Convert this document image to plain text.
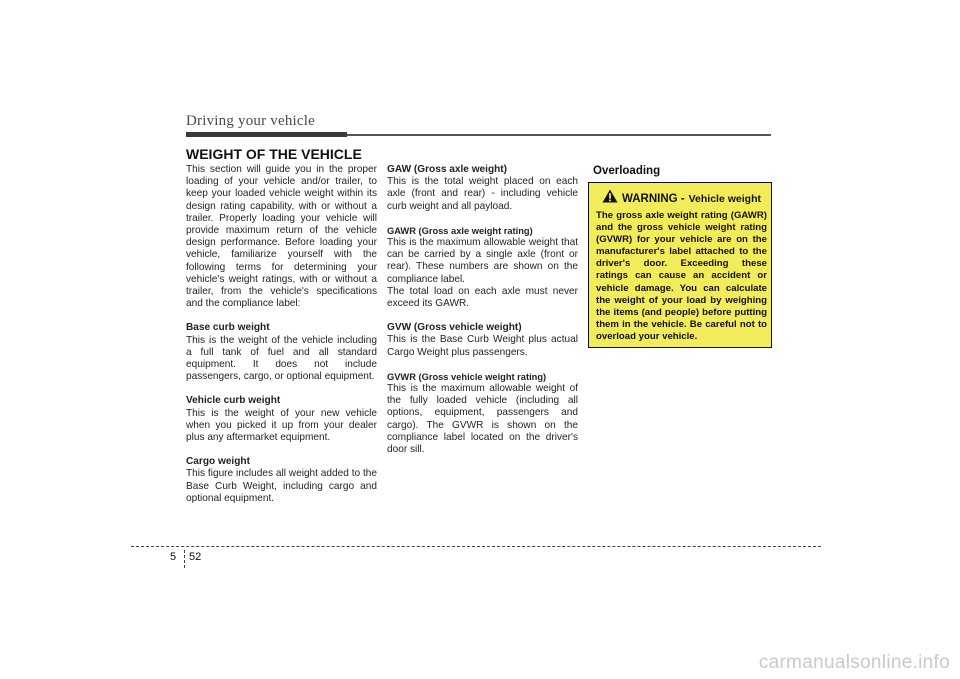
Driving your vehicle
WEIGHT OF THE VEHICLE

This section will guide you in the proper loading of your vehicle and/or trailer, to keep your loaded vehicle weight within its design rating capability, with or without a trailer. Properly loading your vehicle will provide maximum return of the vehicle design performance. Before loading your vehicle, familiarize yourself with the following terms for determining your vehicle's weight ratings, with or without a trailer, from the vehicle's specifications and the compliance label:

Base curb weight
This is the weight of the vehicle including a full tank of fuel and all standard equipment. It does not include passengers, cargo, or optional equipment.

Vehicle curb weight
This is the weight of your new vehicle when you picked it up from your dealer plus any aftermarket equipment.

Cargo weight
This figure includes all weight added to the Base Curb Weight, including cargo and optional equipment.

GAW (Gross axle weight)
This is the total weight placed on each axle (front and rear) - including vehicle curb weight and all payload.

GAWR (Gross axle weight rating)
This is the maximum allowable weight that can be carried by a single axle (front or rear). These numbers are shown on the compliance label.
The total load on each axle must never exceed its GAWR.

GVW (Gross vehicle weight)
This is the Base Curb Weight plus actual Cargo Weight plus passengers.

GVWR (Gross vehicle weight rating)
This is the maximum allowable weight of the fully loaded vehicle (including all options, equipment, passengers and cargo). The GVWR is shown on the compliance label located on the driver's door sill.

Overloading
WARNING - Vehicle weight
The gross axle weight rating (GAWR) and the gross vehicle weight rating (GVWR) for your vehicle are on the manufacturer's label attached to the driver's door. Exceeding these ratings can cause an accident or vehicle damage. You can calculate the weight of your load by weighing the items (and people) before putting them in the vehicle. Be careful not to overload your vehicle.
5 52
carmanualsonline.info
